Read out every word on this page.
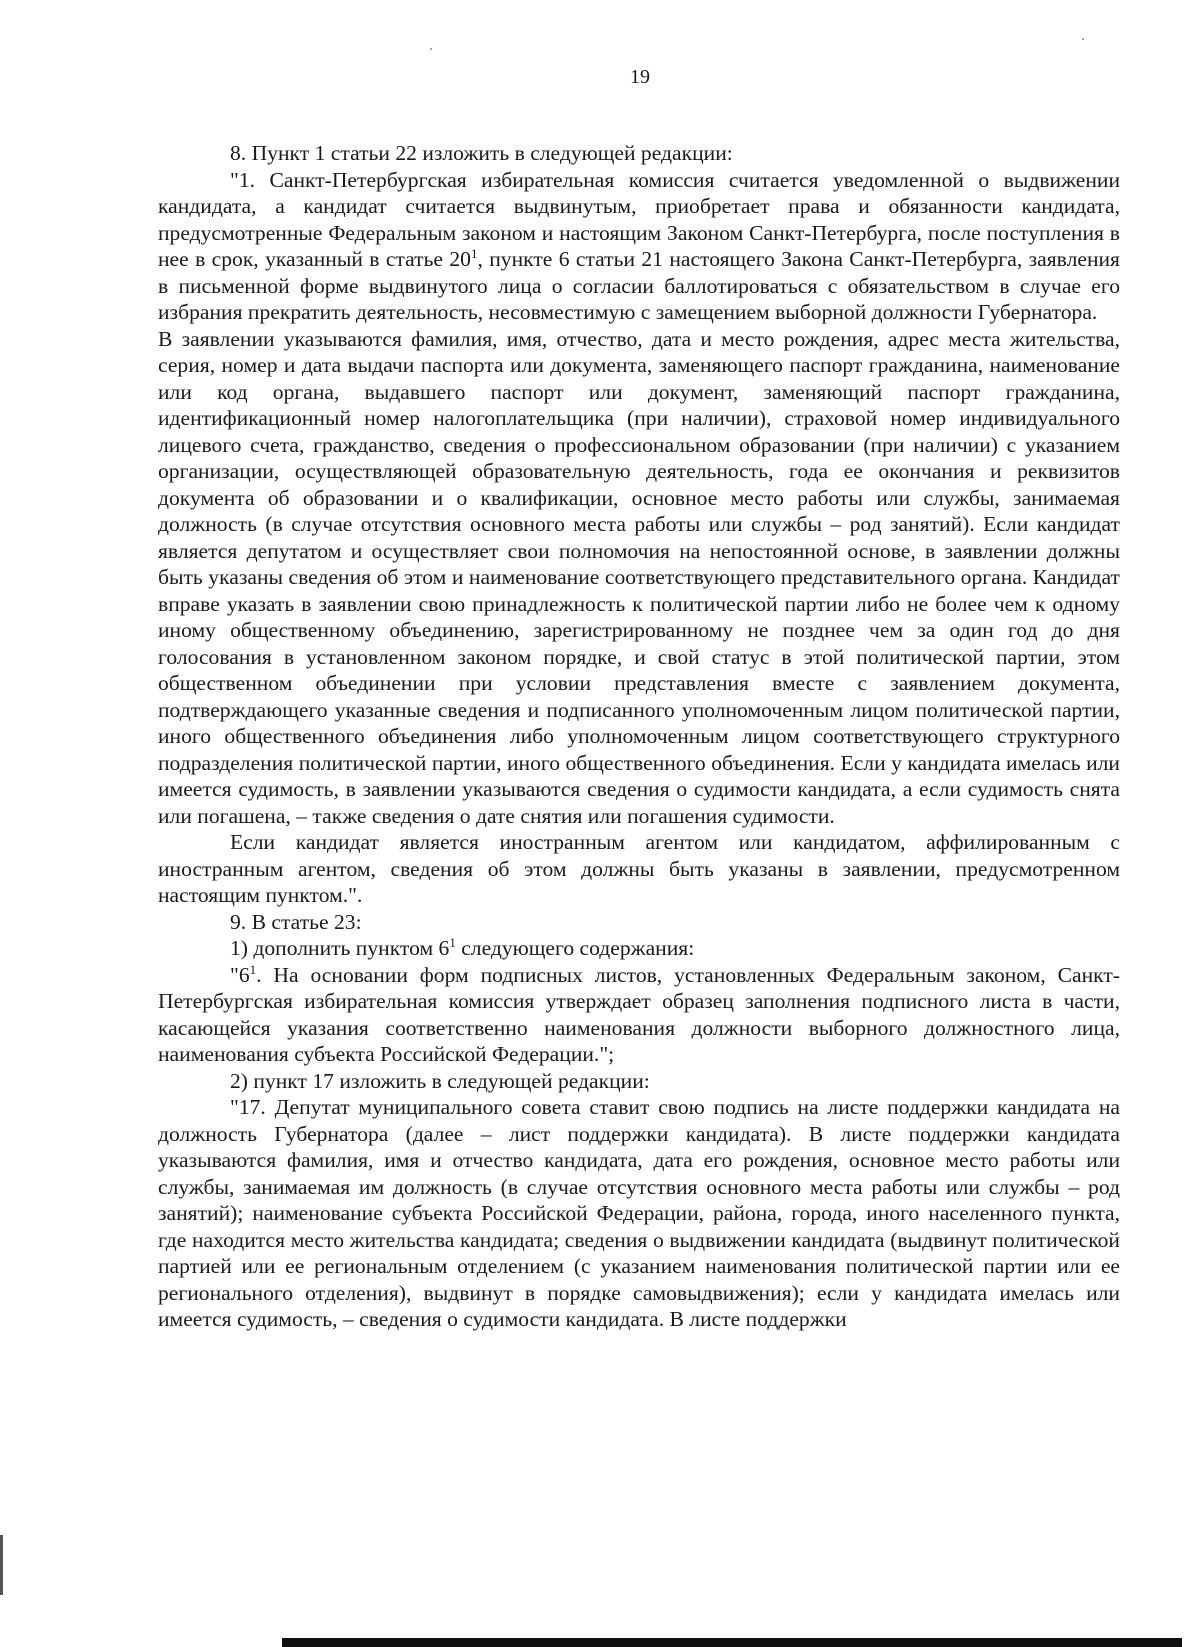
19

8. Пункт 1 статьи 22 изложить в следующей редакции:

"1. Санкт-Петербургская избирательная комиссия считается уведомленной о выдвижении кандидата, а кандидат считается выдвинутым, приобретает права и обязанности кандидата, предусмотренные Федеральным законом и настоящим Законом Санкт-Петербурга, после поступления в нее в срок, указанный в статье $20^1$, пункте 6 статьи 21 настоящего Закона Санкт-Петербурга, заявления в письменной форме выдвинутого лица о согласии баллотироваться с обязательством в случае его избрания прекратить деятельность, несовместимую с замещением выборной должности Губернатора.

В заявлении указываются фамилия, имя, отчество, дата и место рождения, адрес места жительства, серия, номер и дата выдачи паспорта или документа, заменяющего паспорт гражданина, наименование или код органа, выдавшего паспорт или документ, заменяющий паспорт гражданина, идентификационный номер налогоплательщика (при наличии), страховой номер индивидуального лицевого счета, гражданство, сведения о профессиональном образовании (при наличии) с указанием организации, осуществляющей образовательную деятельность, года ее окончания и реквизитов документа об образовании и о квалификации, основное место работы или службы, занимаемая должность (в случае отсутствия основного места работы или службы – род занятий). Если кандидат является депутатом и осуществляет свои полномочия на непостоянной основе, в заявлении должны быть указаны сведения об этом и наименование соответствующего представительного органа. Кандидат вправе указать в заявлении свою принадлежность к политической партии либо не более чем к одному иному общественному объединению, зарегистрированному не позднее чем за один год до дня голосования в установленном законом порядке, и свой статус в этой политической партии, этом общественном объединении при условии представления вместе с заявлением документа, подтверждающего указанные сведения и подписанного уполномоченным лицом политической партии, иного общественного объединения либо уполномоченным лицом соответствующего структурного подразделения политической партии, иного общественного объединения. Если у кандидата имелась или имеется судимость, в заявлении указываются сведения о судимости кандидата, а если судимость снята или погашена, – также сведения о дате снятия или погашения судимости.

Если кандидат является иностранным агентом или кандидатом, аффилированным с иностранным агентом, сведения об этом должны быть указаны в заявлении, предусмотренном настоящим пунктом.".

9. В статье 23:

1) дополнить пунктом $6^1$ следующего содержания:

"$6^1$. На основании форм подписных листов, установленных Федеральным законом, Санкт-Петербургская избирательная комиссия утверждает образец заполнения подписного листа в части, касающейся указания соответственно наименования должности выборного должностного лица, наименования субъекта Российской Федерации.";

2) пункт 17 изложить в следующей редакции:

"17. Депутат муниципального совета ставит свою подпись на листе поддержки кандидата на должность Губернатора (далее – лист поддержки кандидата). В листе поддержки кандидата указываются фамилия, имя и отчество кандидата, дата его рождения, основное место работы или службы, занимаемая им должность (в случае отсутствия основного места работы или службы – род занятий); наименование субъекта Российской Федерации, района, города, иного населенного пункта, где находится место жительства кандидата; сведения о выдвижении кандидата (выдвинут политической партией или ее региональным отделением (с указанием наименования политической партии или ее регионального отделения), выдвинут в порядке самовыдвижения); если у кандидата имелась или имеется судимость, – сведения о судимости кандидата. В листе поддержки
